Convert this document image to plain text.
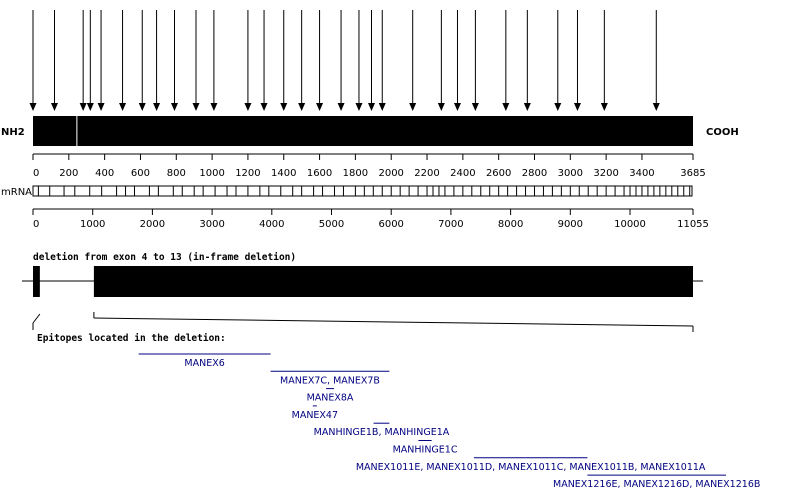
NH2	COOH
0 200 400 600 800 1000 1200 1400 1600 1800 2000 2200 2400 2600 2800 3000 3200 3400	3685
mRNA
0	1000	2000	3000	4000	5000	6000	7000	8000	9000	10000	11055
deletion from exon 4 to 13 (in-frame deletion)
Epitopes located in the deletion:
MANEX6
MANEX7C, MANEX7B
MANEX8A
MANEX47
MANHINGE1B, MANHINGE1A
MANHINGE1C
MANEX1011E, MANEX1011D, MANEX1011C, MANEX1011B, MANEX1011A
MANEX1216E, MANEX1216D, MANEX1216B
